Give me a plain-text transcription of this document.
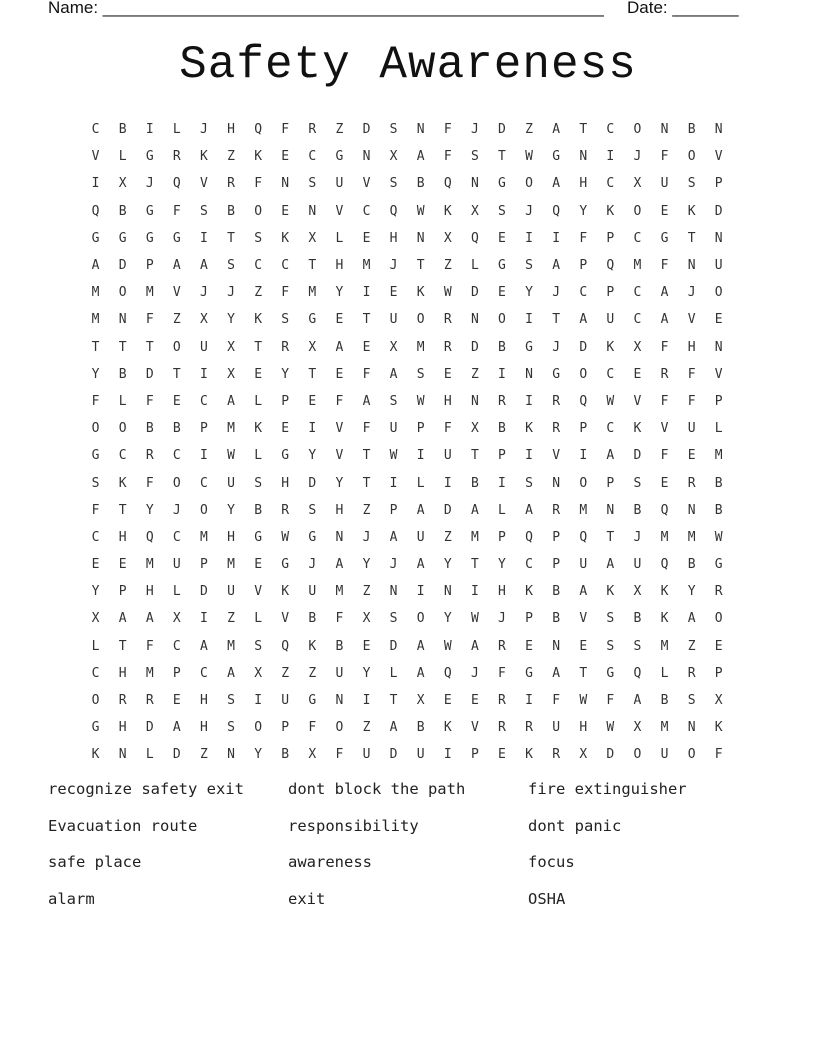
Name: _____________________________________________________ Date: _______
Safety Awareness
C	B	I	L	J	H	Q	F	R	Z	D	S	N	F	J	D	Z	A	T	C	O	N	B	N
V	L	G	R	K	Z	K	E	C	G	N	X	A	F	S	T	W	G	N	I	J	F	O	V
I	X	J	Q	V	R	F	N	S	U	V	S	B	Q	N	G	O	A	H	C	X	U	S	P
Q	B	G	F	S	B	O	E	N	V	C	Q	W	K	X	S	J	Q	Y	K	O	E	K	D
G	G	G	G	I	T	S	K	X	L	E	H	N	X	Q	E	I	I	F	P	C	G	T	N
A	D	P	A	A	S	C	C	T	H	M	J	T	Z	L	G	S	A	P	Q	M	F	N	U
M	O	M	V	J	J	Z	F	M	Y	I	E	K	W	D	E	Y	J	C	P	C	A	J	O
M	N	F	Z	X	Y	K	S	G	E	T	U	O	R	N	O	I	T	A	U	C	A	V	E
T	T	T	O	U	X	T	R	X	A	E	X	M	R	D	B	G	J	D	K	X	F	H	N
Y	B	D	T	I	X	E	Y	T	E	F	A	S	E	Z	I	N	G	O	C	E	R	F	V
F	L	F	E	C	A	L	P	E	F	A	S	W	H	N	R	I	R	Q	W	V	F	F	P
O	O	B	B	P	M	K	E	I	V	F	U	P	F	X	B	K	R	P	C	K	V	U	L
G	C	R	C	I	W	L	G	Y	V	T	W	I	U	T	P	I	V	I	A	D	F	E	M
S	K	F	O	C	U	S	H	D	Y	T	I	L	I	B	I	S	N	O	P	S	E	R	B
F	T	Y	J	O	Y	B	R	S	H	Z	P	A	D	A	L	A	R	M	N	B	Q	N	B
C	H	Q	C	M	H	G	W	G	N	J	A	U	Z	M	P	Q	P	Q	T	J	M	M	W
E	E	M	U	P	M	E	G	J	A	Y	J	A	Y	T	Y	C	P	U	A	U	Q	B	G
Y	P	H	L	D	U	V	K	U	M	Z	N	I	N	I	H	K	B	A	K	X	K	Y	R
X	A	A	X	I	Z	L	V	B	F	X	S	O	Y	W	J	P	B	V	S	B	K	A	O
L	T	F	C	A	M	S	Q	K	B	E	D	A	W	A	R	E	N	E	S	S	M	Z	E
C	H	M	P	C	A	X	Z	Z	U	Y	L	A	Q	J	F	G	A	T	G	Q	L	R	P
O	R	R	E	H	S	I	U	G	N	I	T	X	E	E	R	I	F	W	F	A	B	S	X
G	H	D	A	H	S	O	P	F	O	Z	A	B	K	V	R	R	U	H	W	X	M	N	K
K	N	L	D	Z	N	Y	B	X	F	U	D	U	I	P	E	K	R	X	D	O	U	O	F
recognize safety exit	dont block the path	fire extinguisher
Evacuation route	responsibility	dont panic
safe place	awareness	focus
alarm	exit	OSHA
